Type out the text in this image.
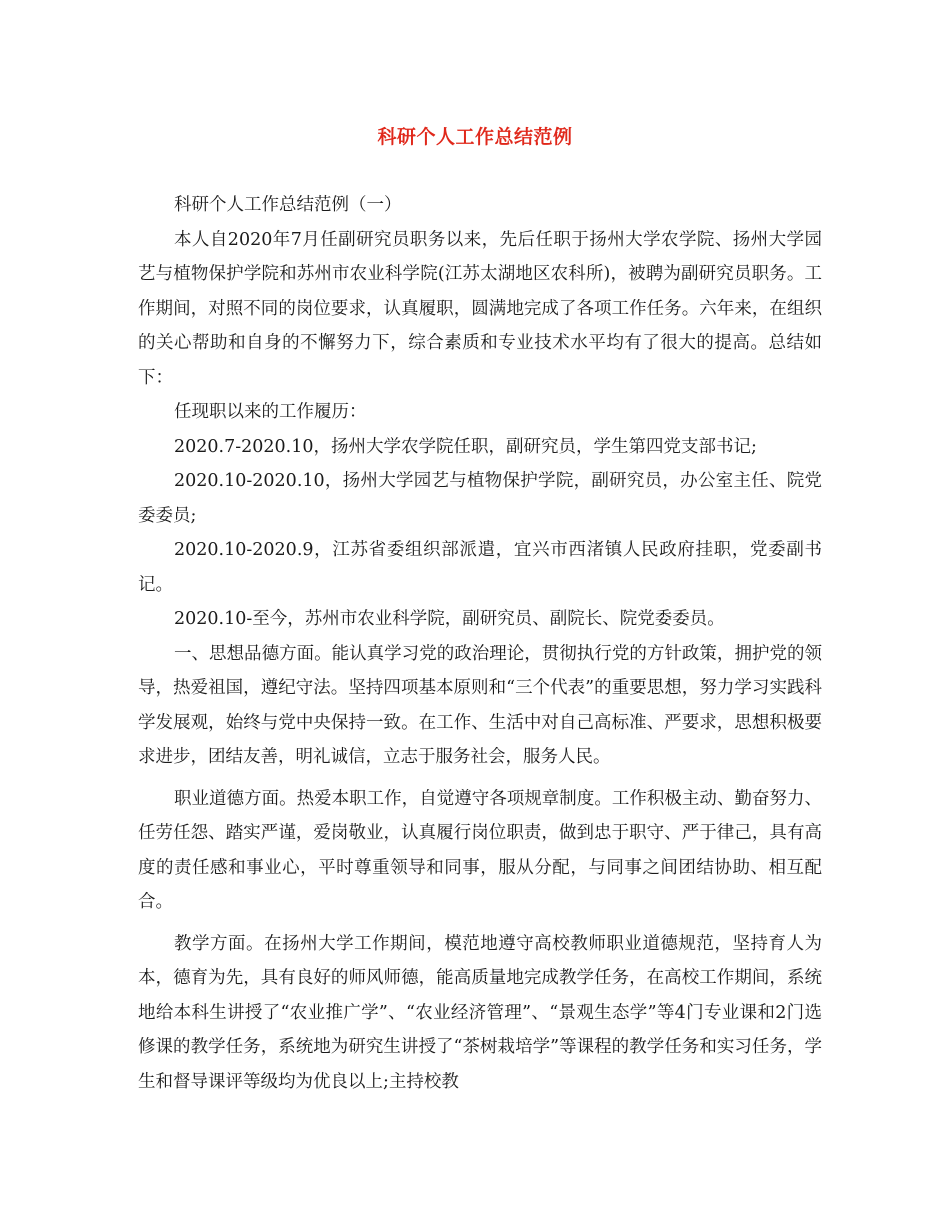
科研个人工作总结范例

科研个人工作总结范例（一）

本人自2020年7月任副研究员职务以来，先后任职于扬州大学农学院、扬州大学园艺与植物保护学院和苏州市农业科学院(江苏太湖地区农科所)，被聘为副研究员职务。工作期间，对照不同的岗位要求，认真履职，圆满地完成了各项工作任务。六年来，在组织的关心帮助和自身的不懈努力下，综合素质和专业技术水平均有了很大的提高。总结如下：

任现职以来的工作履历：

2020.7-2020.10，扬州大学农学院任职，副研究员，学生第四党支部书记;

2020.10-2020.10，扬州大学园艺与植物保护学院，副研究员，办公室主任、院党委委员;

2020.10-2020.9，江苏省委组织部派遣，宜兴市西渚镇人民政府挂职，党委副书记。

2020.10-至今，苏州市农业科学院，副研究员、副院长、院党委委员。

一、思想品德方面。能认真学习党的政治理论，贯彻执行党的方针政策，拥护党的领导，热爱祖国，遵纪守法。坚持四项基本原则和“三个代表”的重要思想，努力学习实践科学发展观，始终与党中央保持一致。在工作、生活中对自己高标准、严要求，思想积极要求进步，团结友善，明礼诚信，立志于服务社会，服务人民。

职业道德方面。热爱本职工作，自觉遵守各项规章制度。工作积极主动、勤奋努力、任劳任怨、踏实严谨，爱岗敬业，认真履行岗位职责，做到忠于职守、严于律己，具有高度的责任感和事业心，平时尊重领导和同事，服从分配，与同事之间团结协助、相互配合。

教学方面。在扬州大学工作期间，模范地遵守高校教师职业道德规范，坚持育人为本，德育为先，具有良好的师风师德，能高质量地完成教学任务，在高校工作期间，系统地给本科生讲授了“农业推广学”、“农业经济管理”、“景观生态学”等4门专业课和2门选修课的教学任务，系统地为研究生讲授了“茶树栽培学”等课程的教学任务和实习任务，学生和督导课评等级均为优良以上;主持校教
